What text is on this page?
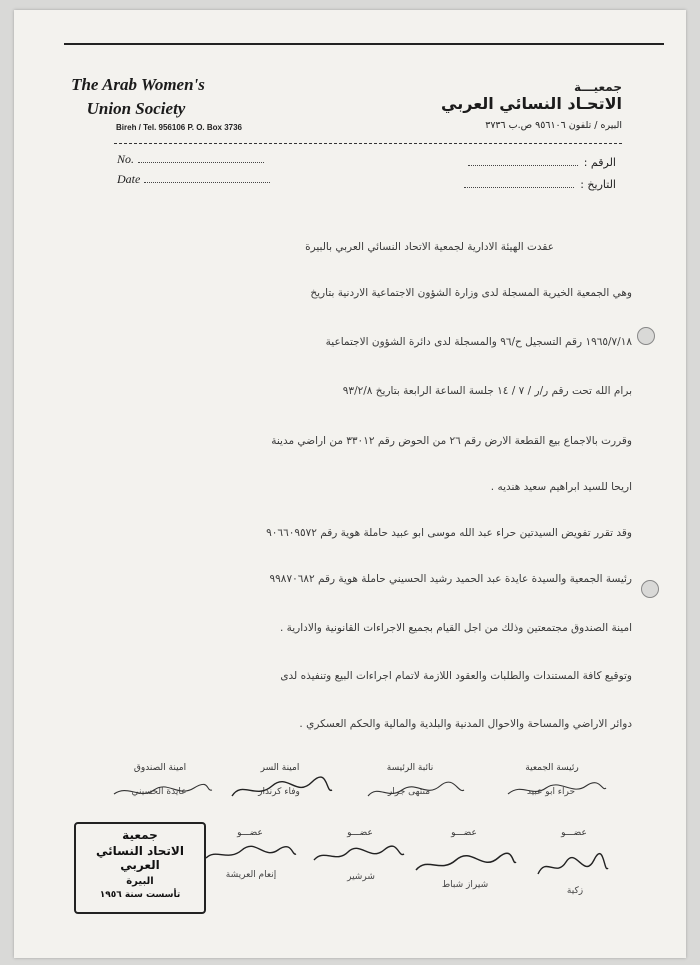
The Arab Women's
Union Society
Bireh / Tel. 956106 P. O. Box 3736
جمعيـــة
الاتحـاد النسائي العربي
البيره / تلفون ٩٥٦١٠٦ ص.ب ٣٧٣٦
No.
Date
الرقم :
التاريخ :
عقدت الهيئة الادارية لجمعية الاتحاد النسائي العربي بالبيرة
وهي الجمعية الخيرية المسجلة لدى وزارة الشؤون الاجتماعية الاردنية بتاريخ
١٩٦٥/٧/١٨ رقم التسجيل ح/٩٦ والمسجلة لدى دائرة الشؤون الاجتماعية
برام الله تحت رقم ر/ر / ٧ / ١٤ جلسة الساعة الرابعة بتاريخ ٩٣/٢/٨
وقررت بالاجماع بيع القطعة الارض رقم ٢٦ من الحوض رقم ٣٣٠١٢ من اراضي مدينة
اريحا للسيد ابراهيم سعيد هنديه .
وقد تقرر تفويض السيدتين حراء عبد الله موسى ابو عبيد حاملة هوية رقم ٩٠٦٦٠٩٥٧٢
رئيسة الجمعية والسيدة عايدة عبد الحميد رشيد الحسيني حاملة هوية رقم ٩٩٨٧٠٦٨٢
امينة الصندوق مجتمعتين وذلك من اجل القيام بجميع الاجراءات القانونية والادارية .
وتوقيع كافة المستندات والطلبات والعقود اللازمة لاتمام اجراءات البيع وتنفيذه لدى
دوائر الاراضي والمساحة والاحوال المدنية والبلدية والمالية والحكم العسكري .
رئيسة الجمعية
نائبة الرئيسة
امينة السر
امينة الصندوق
حراء ابو عبيد
منتهى جرار
وفاء كرندار
عايدة الحسيني
عضـــو
عضـــو
عضـــو
عضـــو
زكية
شيراز شباط
شرشير
إنعام العريشة
جمعية
الاتحاد النسائي العربي
البيرة
تأسست سنة ١٩٥٦
